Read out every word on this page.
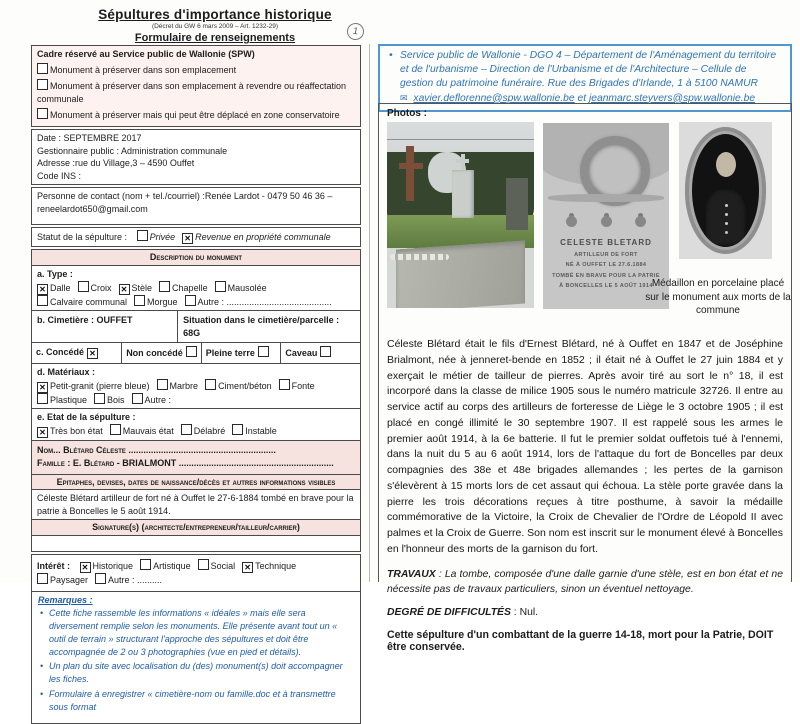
Sépultures d'importance historique
(Décret du GW 6 mars 2009 – Art. 1232-29)
Formulaire de renseignements
1
Cadre réservé au Service public de Wallonie (SPW)
Monument à préserver dans son emplacement
Monument à préserver dans son emplacement à revendre ou réaffectation communale
Monument à préserver mais qui peut être déplacé en zone conservatoire
Date : SEPTEMBRE 2017
Gestionnaire public : Administration communale
Adresse :rue du Village,3 – 4590 Ouffet
Code INS :
Personne de contact (nom + tel./courriel) :Renée Lardot - 0479 50 46 36 – reneelardot650@gmail.com
Statut de la sépulture :	Privée ✕ Revenue en propriété communale
Description du monument
a. Type :
✕ Dalle Croix ✕ Stèle Chapelle MausoléeCalvaire communal Morgue Autre : ..........................................
b. Cimetière : OUFFET	Situation dans le cimetière/parcelle : 68G
c. Concédé ✕	Non concédé	Pleine terre	Caveau
d. Matériaux :
✕ Petit-granit (pierre bleue) Marbre Ciment/béton FontePlastique Bois Autre :
e. Etat de la sépulture :
✕ Très bon état Mauvais état Délabré Instable
Nom... Blétard Céleste ...........................................................
Famille : E. Blétard - BRIALMONT ..............................................................
Epitaphes, devises, dates de naissance/décès et autres informations visibles
Céleste Blétard artilleur de fort né à Ouffet le 27-6-1884 tombé en brave pour la patrie à Boncelles le 5 août 1914.
Signature(s) (architecte/entrepreneur/tailleur/carrier)
Intérêt : ✕ Historique Artistique Social ✕ TechniquePaysager Autre : ..........
Remarques :
• Cette fiche rassemble les informations « idéales » mais elle sera diversement remplie selon les monuments. Elle présente avant tout un « outil de terrain » structurant l'approche des sépultures et doit être accompagnée de 2 ou 3 photographies (vue en pied et détails).
• Un plan du site avec localisation du (des) monument(s) doit accompagner les fiches.
• Formulaire à enregistrer « cimetière-nom ou famille.doc et à transmettre sous format
• Service public de Wallonie - DGO 4 – Département de l'Aménagement du territoire et de l'urbanisme – Direction de l'Urbanisme et de l'Architecture – Cellule de gestion du patrimoine funéraire. Rue des Brigades d'Irlande, 1 à 5100 NAMUR
✉ xavier.deflorenne@spw.wallonie.be et jeanmarc.steyvers@spw.wallonie.be
Photos :
CELESTE BLETARD
ARTILLEUR DE FORT
NÉ À OUFFET LE 27.6.1884
TOMBÉ EN BRAVE POUR LA PATRIE
À BONCELLES LE 5 AOÛT 1914 Médaillon en porcelaine placé sur le monument aux morts de la commune
Céleste Blétard était le fils d'Ernest Blétard, né à Ouffet en 1847 et de Joséphine Brialmont, née à jenneret-bende en 1852 ; il était né à Ouffet le 27 juin 1884 et y exerçait le métier de tailleur de pierres. Après avoir tiré au sort le n° 18, il est incorporé dans la classe de milice 1905 sous le numéro matricule 32726. Il entre au service actif au corps des artilleurs de forteresse de Liège le 3 octobre 1905 ; il est placé en congé illimité le 30 septembre 1907. Il est rappelé sous les armes le premier août 1914, à la 6e batterie. Il fut le premier soldat ouffetois tué à l'ennemi, dans la nuit du 5 au 6 août 1914, lors de l'attaque du fort de Boncelles par deux compagnies des 38e et 48e brigades allemandes ; les pertes de la garnison s'élevèrent à 15 morts lors de cet assaut qui échoua. La stèle porte gravée dans la pierre les trois décorations reçues à titre posthume, à savoir la médaille commémorative de la Victoire, la Croix de Chevalier de l'Ordre de Léopold II avec palmes et la Croix de Guerre. Son nom est inscrit sur le monument élevé à Boncelles en l'honneur des morts de la garnison du fort.
TRAVAUX : La tombe, composée d'une dalle garnie d'une stèle, est en bon état et ne nécessite pas de travaux particuliers, sinon un éventuel nettoyage.
DEGRÉ DE DIFFICULTÉS : Nul.
Cette sépulture d'un combattant de la guerre 14-18, mort pour la Patrie, DOIT être conservée.
